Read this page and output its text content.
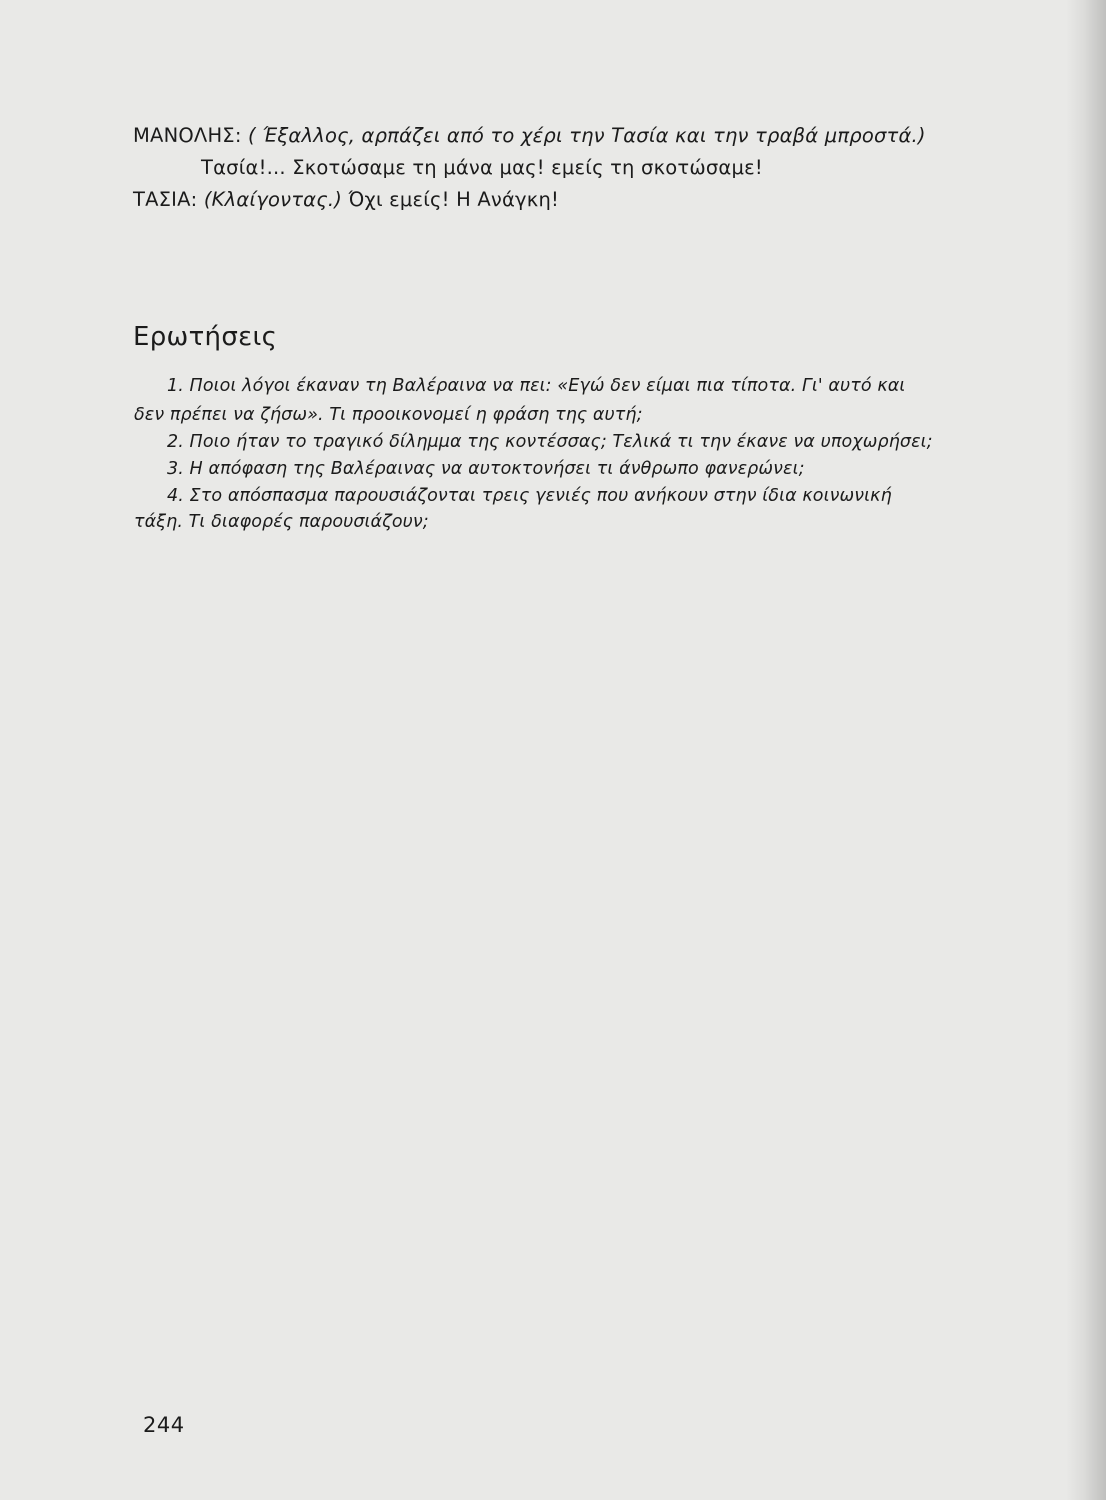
ΜΑΝΟΛΗΣ: ( Έξαλλος, αρπάζει από το χέρι την Τασία και την τραβά μπροστά.)
Τασία!... Σκοτώσαμε τη μάνα μας! εμείς τη σκοτώσαμε!
ΤΑΣΙΑ: (Κλαίγοντας.) Όχι εμείς! Η Ανάγκη!
Ερωτήσεις
1. Ποιοι λόγοι έκαναν τη Βαλέραινα να πει: «Εγώ δεν είμαι πια τίποτα. Γι' αυτό και
δεν πρέπει να ζήσω». Τι προοικονομεί η φράση της αυτή;
2. Ποιο ήταν το τραγικό δίλημμα της κοντέσσας; Τελικά τι την έκανε να υποχωρήσει;
3. Η απόφαση της Βαλέραινας να αυτοκτονήσει τι άνθρωπο φανερώνει;
4. Στο απόσπασμα παρουσιάζονται τρεις γενιές που ανήκουν στην ίδια κοινωνική
τάξη. Τι διαφορές παρουσιάζουν;
244
